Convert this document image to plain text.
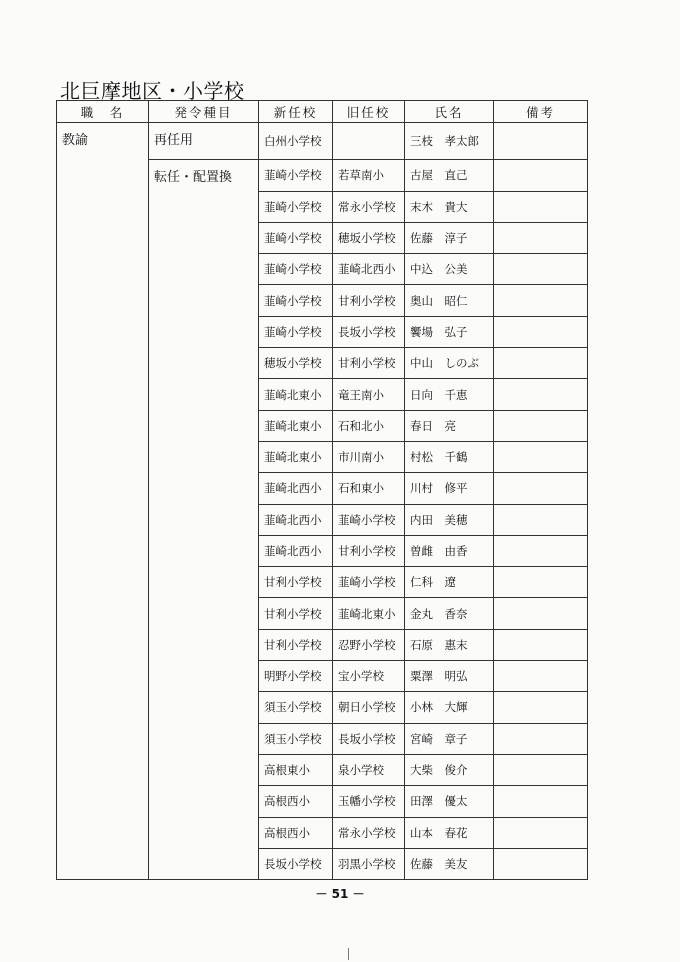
北巨摩地区・小学校
職　名	発令種目	新任校	旧任校	氏名	備考
教諭	再任用	白州小学校		三枝　孝太郎	
	転任・配置換	韮崎小学校	若草南小	古屋　直己	
		韮崎小学校	常永小学校	末木　貴大	
		韮崎小学校	穂坂小学校	佐藤　淳子	
		韮崎小学校	韮崎北西小	中込　公美	
		韮崎小学校	甘利小学校	奥山　昭仁	
		韮崎小学校	長坂小学校	饗場　弘子	
		穂坂小学校	甘利小学校	中山　しのぶ	
		韮崎北東小	竜王南小	日向　千恵	
		韮崎北東小	石和北小	春日　亮	
		韮崎北東小	市川南小	村松　千鶴	
		韮崎北西小	石和東小	川村　修平	
		韮崎北西小	韮崎小学校	内田　美穂	
		韮崎北西小	甘利小学校	曽雌　由香	
		甘利小学校	韮崎小学校	仁科　遼	
		甘利小学校	韮崎北東小	金丸　香奈	
		甘利小学校	忍野小学校	石原　惠末	
		明野小学校	宝小学校	粟澤　明弘	
		須玉小学校	朝日小学校	小林　大輝	
		須玉小学校	長坂小学校	宮崎　章子	
		高根東小	泉小学校	大柴　俊介	
		高根西小	玉幡小学校	田澤　優太	
		高根西小	常永小学校	山本　春花	
		長坂小学校	羽黒小学校	佐藤　美友	
－ 51 －
